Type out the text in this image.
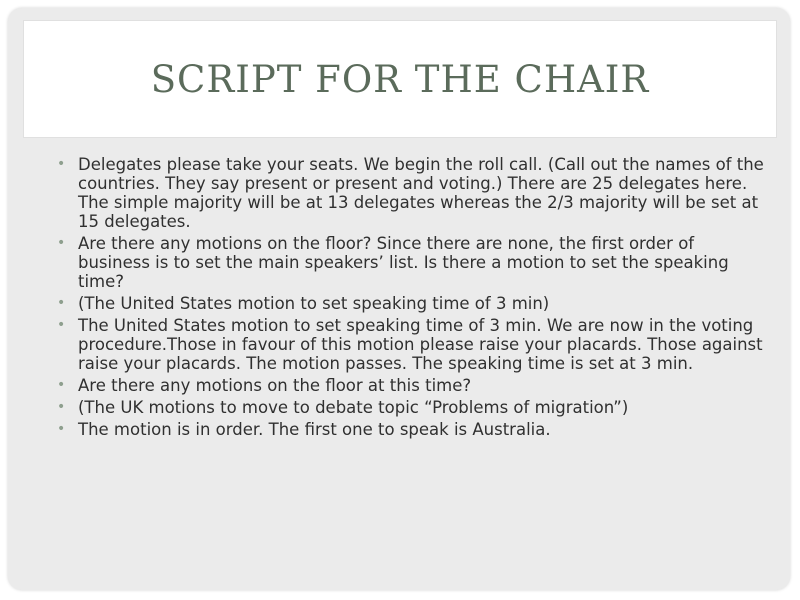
SCRIPT FOR THE CHAIR
• Delegates please take your seats. We begin the roll call. (Call out the names of the countries. They say present or present and voting.) There are 25 delegates here. The simple majority will be at 13 delegates whereas the 2/3 majority will be set at 15 delegates.
• Are there any motions on the floor? Since there are none, the first order of business is to set the main speakers’ list. Is there a motion to set the speaking time?
• (The United States motion to set speaking time of 3 min)
• The United States motion to set speaking time of 3 min. We are now in the voting procedure.Those in favour of this motion please raise your placards. Those against raise your placards. The motion passes. The speaking time is set at 3 min.
• Are there any motions on the floor at this time?
• (The UK motions to move to debate topic “Problems of migration”)
• The motion is in order. The first one to speak is Australia.
